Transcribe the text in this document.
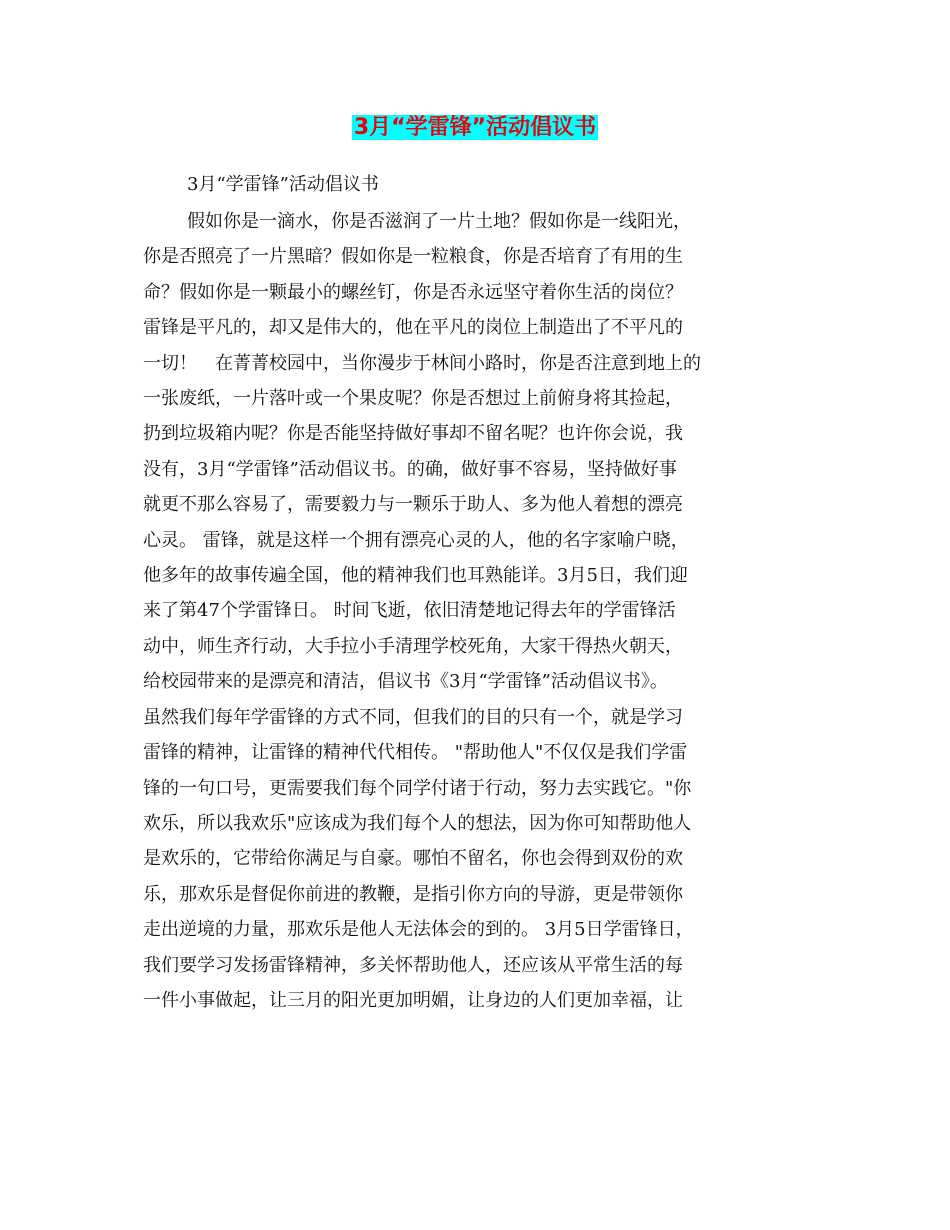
3月“学雷锋”活动倡议书
3月“学雷锋”活动倡议书
假如你是一滴水，你是否滋润了一片土地？假如你是一线阳光，
你是否照亮了一片黑暗？假如你是一粒粮食，你是否培育了有用的生
命？假如你是一颗最小的螺丝钉，你是否永远坚守着你生活的岗位？
雷锋是平凡的，却又是伟大的，他在平凡的岗位上制造出了不平凡的
一切！　在菁菁校园中，当你漫步于林间小路时，你是否注意到地上的
一张废纸，一片落叶或一个果皮呢？你是否想过上前俯身将其捡起，
扔到垃圾箱内呢？你是否能坚持做好事却不留名呢？也许你会说，我
没有，3月“学雷锋”活动倡议书。的确，做好事不容易，坚持做好事
就更不那么容易了，需要毅力与一颗乐于助人、多为他人着想的漂亮
心灵。 雷锋，就是这样一个拥有漂亮心灵的人，他的名字家喻户晓，
他多年的故事传遍全国，他的精神我们也耳熟能详。3月5日，我们迎
来了第47个学雷锋日。 时间飞逝，依旧清楚地记得去年的学雷锋活
动中，师生齐行动，大手拉小手清理学校死角，大家干得热火朝天，
给校园带来的是漂亮和清洁，倡议书《3月“学雷锋”活动倡议书》。
虽然我们每年学雷锋的方式不同，但我们的目的只有一个，就是学习
雷锋的精神，让雷锋的精神代代相传。 "帮助他人"不仅仅是我们学雷
锋的一句口号，更需要我们每个同学付诸于行动，努力去实践它。"你
欢乐，所以我欢乐"应该成为我们每个人的想法，因为你可知帮助他人
是欢乐的，它带给你满足与自豪。哪怕不留名，你也会得到双份的欢
乐，那欢乐是督促你前进的教鞭，是指引你方向的导游，更是带领你
走出逆境的力量，那欢乐是他人无法体会的到的。 3月5日学雷锋日，
我们要学习发扬雷锋精神，多关怀帮助他人，还应该从平常生活的每
一件小事做起，让三月的阳光更加明媚，让身边的人们更加幸福，让
